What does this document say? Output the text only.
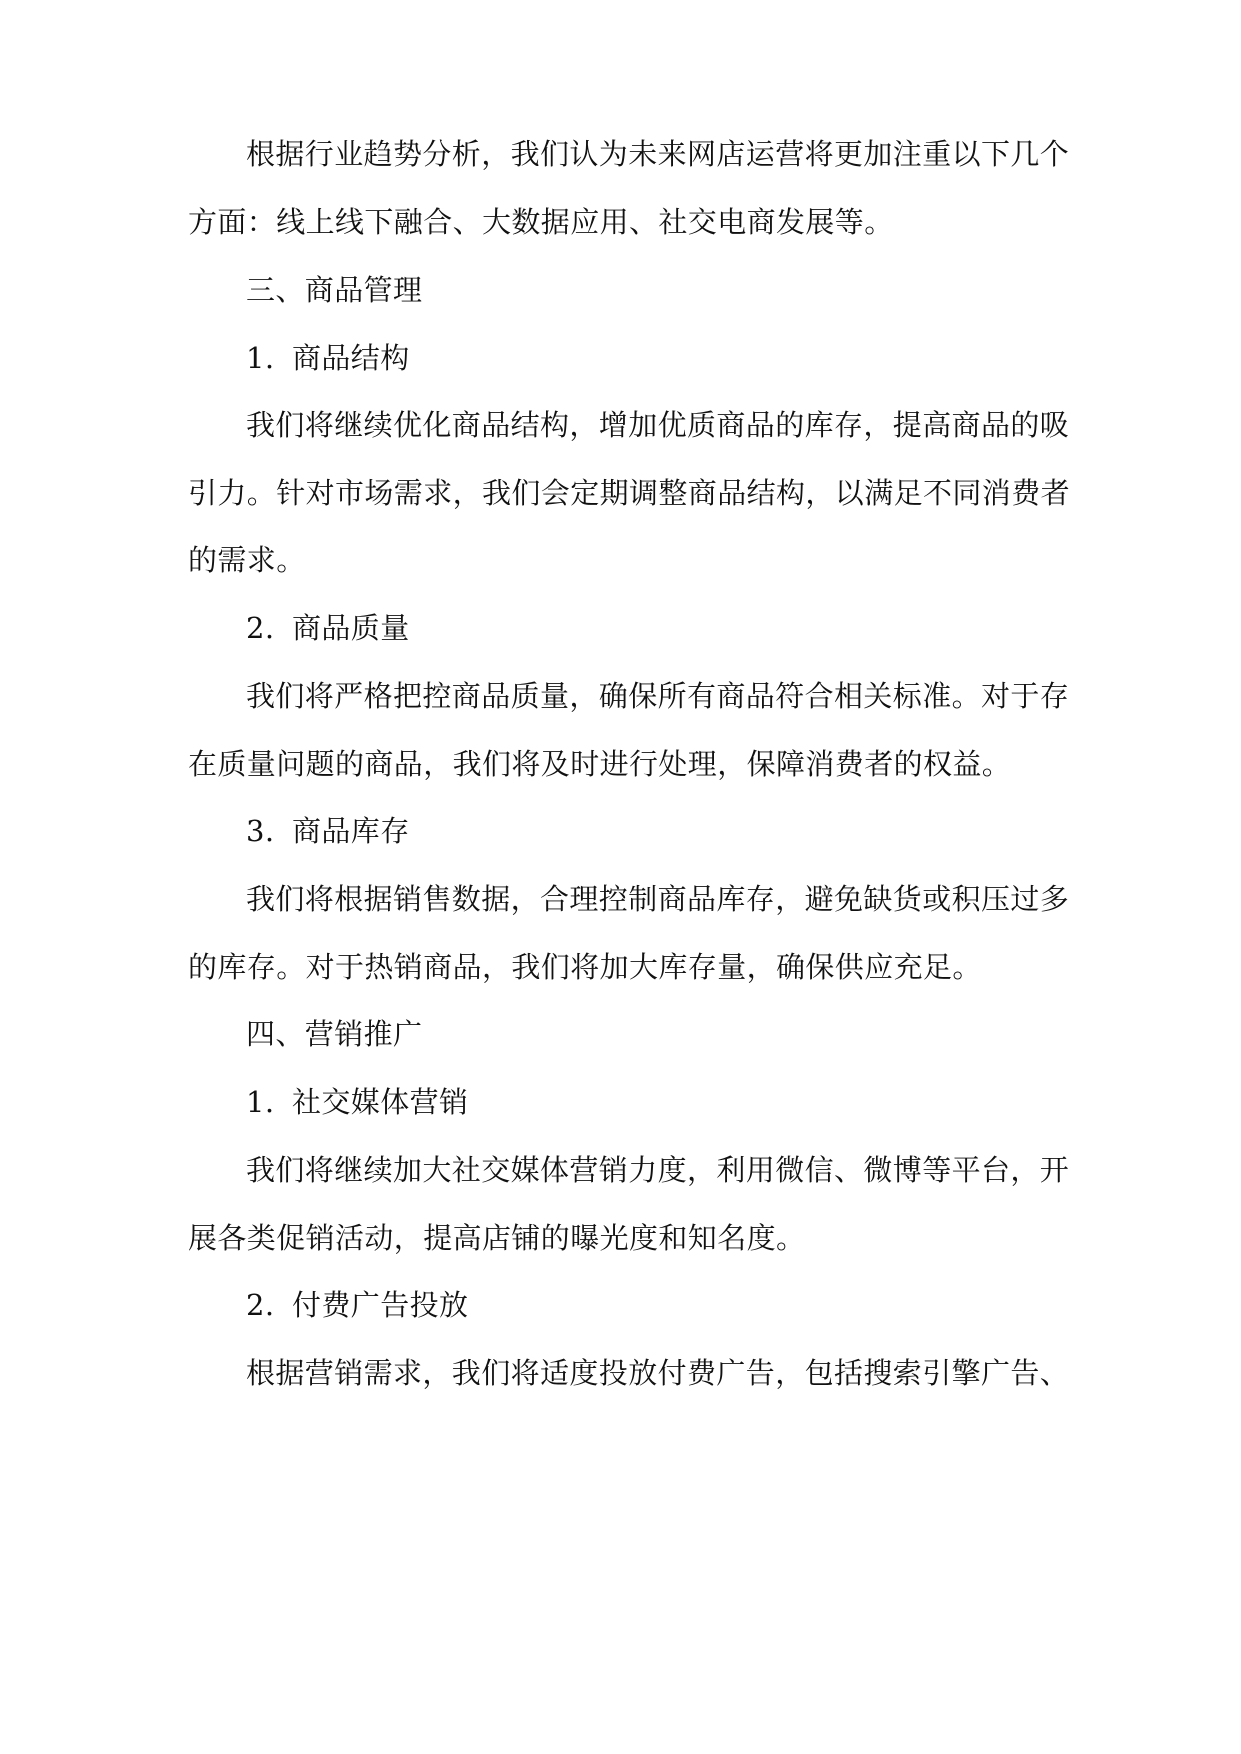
根据行业趋势分析，我们认为未来网店运营将更加注重以下几个
方面：线上线下融合、大数据应用、社交电商发展等。
三、商品管理
1. 商品结构
我们将继续优化商品结构，增加优质商品的库存，提高商品的吸
引力。针对市场需求，我们会定期调整商品结构，以满足不同消费者
的需求。
2. 商品质量
我们将严格把控商品质量，确保所有商品符合相关标准。对于存
在质量问题的商品，我们将及时进行处理，保障消费者的权益。
3. 商品库存
我们将根据销售数据，合理控制商品库存，避免缺货或积压过多
的库存。对于热销商品，我们将加大库存量，确保供应充足。
四、营销推广
1. 社交媒体营销
我们将继续加大社交媒体营销力度，利用微信、微博等平台，开
展各类促销活动，提高店铺的曝光度和知名度。
2. 付费广告投放
根据营销需求，我们将适度投放付费广告，包括搜索引擎广告、
